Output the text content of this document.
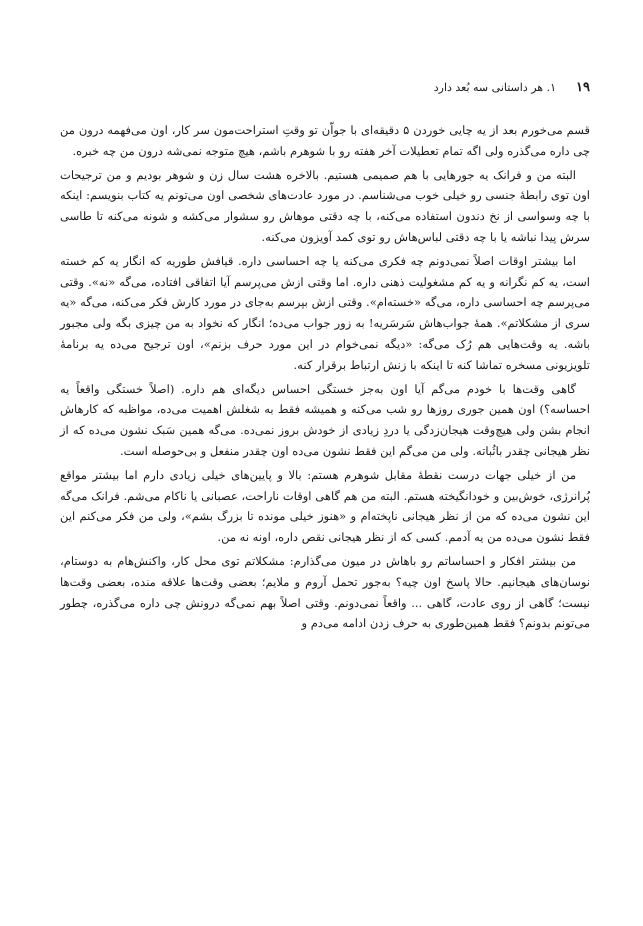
۱۹
۱. هر داستانی سه بُعد دارد

قسم می‌خورم بعد از یه چایی خوردن ۵ دقیقه‌ای با جواّن تو وقتِ استراحت‌مون سر کار، اون می‌فهمه درون من چی داره می‌گذره ولی اگه تمام تعطیلات آخر هفته رو با شوهرم باشم، هیچ متوجه نمی‌شه درون من چه خبره.

البته من و فرانک یه جورهایی با هم صمیمی هستیم. بالاخره هشت سال زن و شوهر بودیم و من ترجیحات اون توی رابطهٔ جنسی رو خیلی خوب می‌شناسم. در مورد عادت‌های شخصی اون می‌تونم یه کتاب بنویسم: اینکه با چه وسواسی از نخ دندون استفاده می‌کنه، با چه دقتی موهاش رو سشوار می‌کشه و شونه می‌کنه تا طاسی سرش پیدا نباشه یا با چه دقتی لباس‌هاش رو توی کمد آویزون می‌کنه.

اما بیشتر اوقات اصلاً نمی‌دونم چه فکری می‌کنه یا چه احساسی داره. قیافش طوریه که انگار یه کم خسته است، یه کم نگرانه و یه کم مشغولیت ذهنی داره. اما وقتی ازش می‌پرسم آیا اتفاقی افتاده، می‌گه «نه». وقتی می‌پرسم چه احساسی داره، می‌گه «خسته‌ام». وقتی ازش بپرسم به‌جای در مورد کارش فکر می‌کنه، می‌گه «یه سری از مشکلاتم». همهٔ جواب‌هاش سَرسَریه! به زور جواب می‌ده؛ انگار که نخواد به من چیزی بگه ولی مجبور باشه. یه وقت‌هایی هم رُک می‌گه: «دیگه نمی‌خوام در این مورد حرف بزنم»، اون ترجیح می‌ده یه برنامهٔ تلویزیونی مسخره تماشا کنه تا اینکه با زنش ارتباط برقرار کنه.

گاهی وقت‌ها با خودم می‌گم آیا اون به‌جز خستگی احساس دیگه‌ای هم داره. (اصلاً خستگی واقعاً یه احساسه؟) اون همین جوری روزها رو شب می‌کنه و همیشه فقط به شغلش اهمیت می‌ده، مواظبه که کارهاش انجام بشن ولی هیچ‌وقت هیجان‌زدگی یا دردِ زیادی از خودش بروز نمی‌ده. می‌گه همین سَبک نشون می‌ده که از نظر هیجانی چقدر باثُباته. ولی من می‌گم این فقط نشون می‌ده اون چقدر منفعل و بی‌حوصله است.

من از خیلی جهات درست نقطهٔ مقابل شوهرم هستم: بالا و پایین‌های خیلی زیادی دارم اما بیشتر مواقع پُرانرژی، خوش‌بین و خودانگیخته هستم. البته من هم گاهی اوقات ناراحت، عصبانی یا ناکام می‌شم. فرانک می‌گه این نشون می‌ده که من از نظر هیجانی ناپخته‌ام و «هنوز خیلی مونده تا بزرگ بشم»، ولی من فکر می‌کنم این فقط نشون می‌ده من یه آدمم. کسی که از نظر هیجانی نقص داره، اونه نه من.

من بیشتر افکار و احساساتم رو باهاش در میون می‌گذارم: مشکلاتم توی محل کار، واکنش‌هام به دوستام، نوسان‌های هیجانیم. حالا پاسخ اون چیه؟ به‌جور تحمل آروم و ملایم؛ بعضی وقت‌ها علاقه منده، بعضی وقت‌ها نیست؛ گاهی از روی عادت، گاهی ... واقعاً نمی‌دونم. وقتی اصلاً بهم نمی‌گه درونش چی داره می‌گذره، چطور می‌تونم بدونم؟ فقط همین‌طوری به حرف زدن ادامه می‌دم و
